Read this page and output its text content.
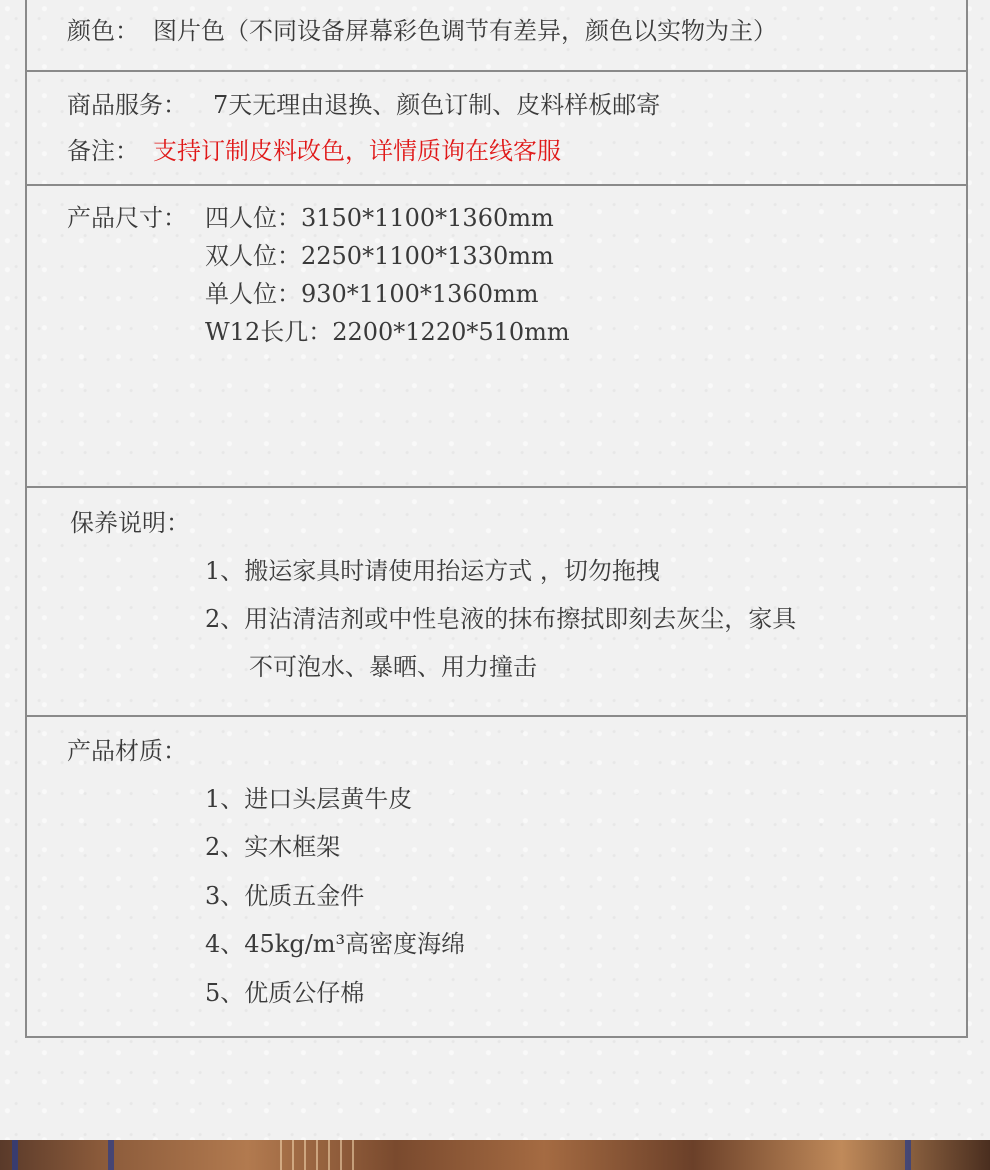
颜色： 图片色（不同设备屏幕彩色调节有差异，颜色以实物为主）
商品服务： 7天无理由退换、颜色订制、皮料样板邮寄
备注： 支持订制皮料改色，详情质询在线客服
产品尺寸： 四人位：3150*1100*1360mm
双人位：2250*1100*1330mm
单人位：930*1100*1360mm
W12长几：2200*1220*510mm
保养说明：
1、搬运家具时请使用抬运方式 ，切勿拖拽
2、用沾清洁剂或中性皂液的抹布擦拭即刻去灰尘，家具
不可泡水、暴晒、用力撞击
产品材质：
1、进口头层黄牛皮
2、实木框架
3、优质五金件
4、45kg/m³高密度海绵
5、优质公仔棉
